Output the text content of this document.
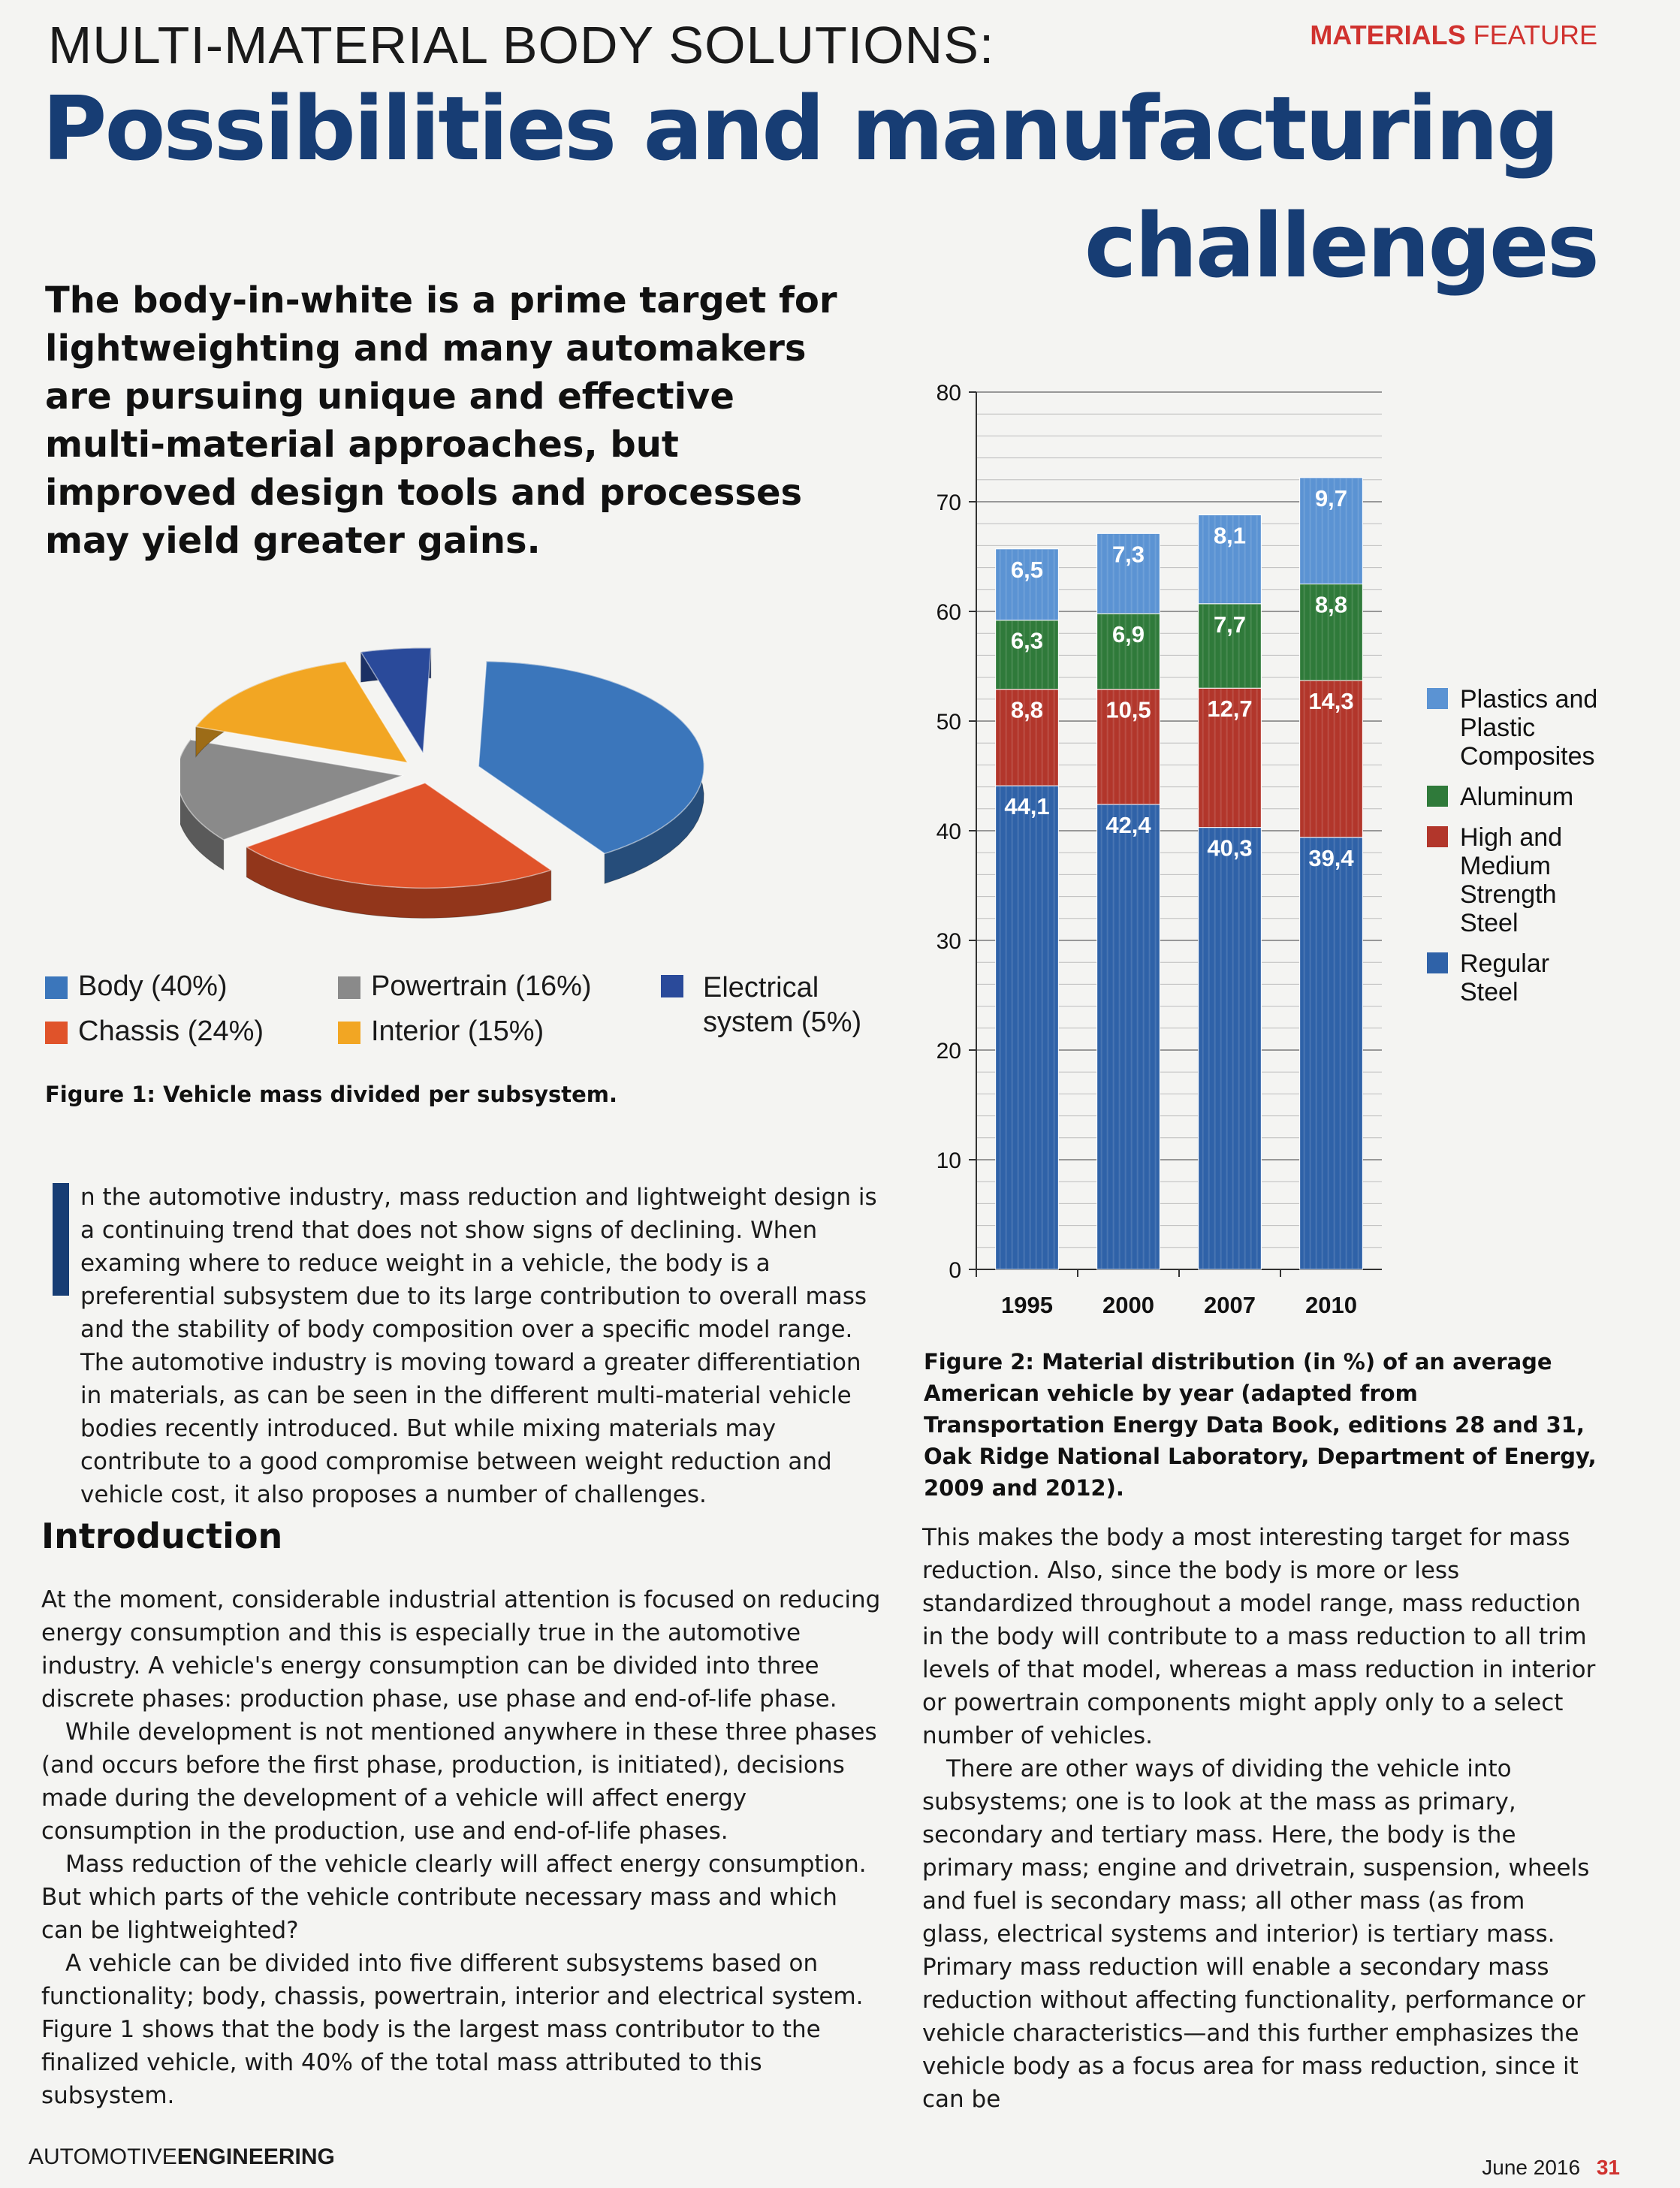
MULTI-MATERIAL BODY SOLUTIONS:	MATERIALS FEATURE
Possibilities and manufacturing
challenges
The body-in-white is a prime target for lightweighting and many automakers are pursuing unique and effective multi-material approaches, but improved design tools and processes may yield greater gains.
Body (40%)	Powertrain (16%)	Electrical system (5%)
Chassis (24%)	Interior (15%)
Figure 1: Vehicle mass divided per subsystem.

n the automotive industry, mass reduction and lightweight design is a continuing trend that does not show signs of declining. When examing where to reduce weight in a vehicle, the body is a preferential subsystem due to its large contribution to overall mass and the stability of body composition over a specific model range. The automotive industry is moving toward a greater differentiation in materials, as can be seen in the different multi-material vehicle bodies recently introduced. But while mixing materials may contribute to a good compromise between weight reduction and vehicle cost, it also proposes a number of challenges.

Introduction

At the moment, considerable industrial attention is focused on reducing energy consumption and this is especially true in the automotive industry. A vehicle's energy consumption can be divided into three discrete phases: production phase, use phase and end-of-life phase.

While development is not mentioned anywhere in these three phases (and occurs before the first phase, production, is initiated), decisions made during the development of a vehicle will affect energy consumption in the production, use and end-of-life phases.

Mass reduction of the vehicle clearly will affect energy consumption. But which parts of the vehicle contribute necessary mass and which can be lightweighted?

A vehicle can be divided into five different subsystems based on functionality; body, chassis, powertrain, interior and electrical system. Figure 1 shows that the body is the largest mass contributor to the finalized vehicle, with 40% of the total mass attributed to this subsystem.

0
10
20
30
40
50
60
70
80
1995 2000 2007 2010
44,1
8,8
6,3
6,5
42,4
10,5
6,9
7,3
40,3
12,7
7,7
8,1
39,4
14,3
8,8
9,7
Plastics and Plastic Composites
Aluminum
High and Medium Strength Steel
Regular Steel
Figure 2: Material distribution (in %) of an average American vehicle by year (adapted from Transportation Energy Data Book, editions 28 and 31, Oak Ridge National Laboratory, Department of Energy, 2009 and 2012).

This makes the body a most interesting target for mass reduction. Also, since the body is more or less standardized throughout a model range, mass reduction in the body will contribute to a mass reduction to all trim levels of that model, whereas a mass reduction in interior or powertrain components might apply only to a select number of vehicles.

There are other ways of dividing the vehicle into subsystems; one is to look at the mass as primary, secondary and tertiary mass. Here, the body is the primary mass; engine and drivetrain, suspension, wheels and fuel is secondary mass; all other mass (as from glass, electrical systems and interior) is tertiary mass. Primary mass reduction will enable a secondary mass reduction without affecting functionality, performance or vehicle characteristics—and this further emphasizes the vehicle body as a focus area for mass reduction, since it can be

AUTOMOTIVEENGINEERING	June 2016 31
